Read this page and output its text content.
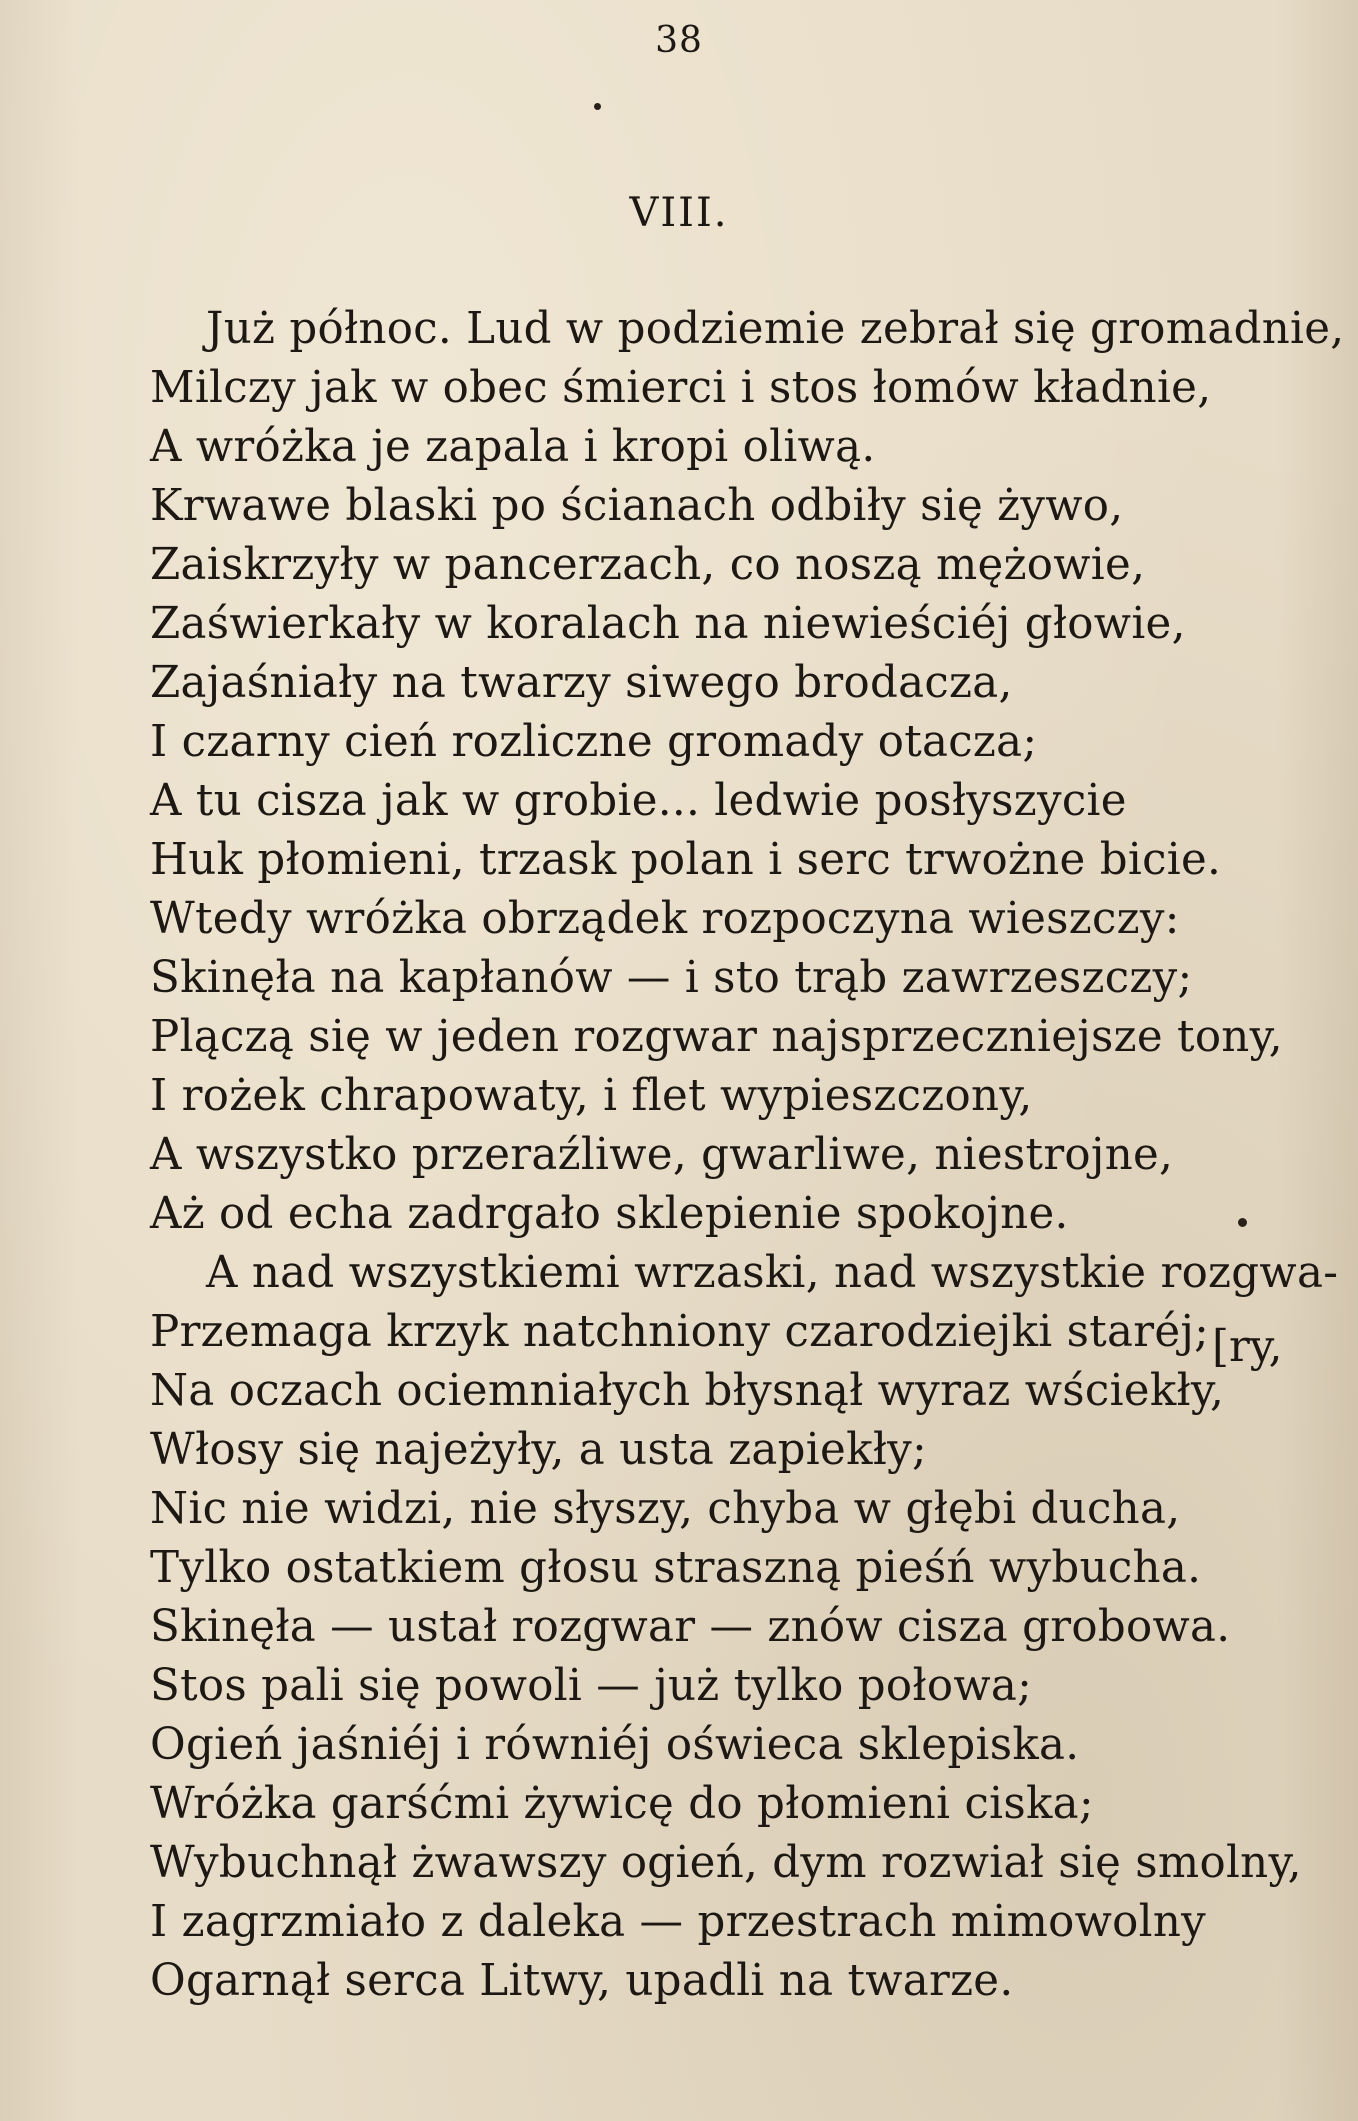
38
VIII.
Już północ. Lud w podziemie zebrał się gromadnie,
Milczy jak w obec śmierci i stos łomów kładnie,
A wróżka je zapala i kropi oliwą.
Krwawe blaski po ścianach odbiły się żywo,
Zaiskrzyły w pancerzach, co noszą mężowie,
Zaświerkały w koralach na niewieściéj głowie,
Zajaśniały na twarzy siwego brodacza,
I czarny cień rozliczne gromady otacza;
A tu cisza jak w grobie... ledwie posłyszycie
Huk płomieni, trzask polan i serc trwożne bicie.
Wtedy wróżka obrządek rozpoczyna wieszczy:
Skinęła na kapłanów — i sto trąb zawrzeszczy;
Plączą się w jeden rozgwar najsprzeczniejsze tony,
I rożek chrapowaty, i flet wypieszczony,
A wszystko przeraźliwe, gwarliwe, niestrojne,
Aż od echa zadrgało sklepienie spokojne.
A nad wszystkiemi wrzaski, nad wszystkie rozgwa-
Przemaga krzyk natchniony czarodziejki staréj;
Na oczach ociemniałych błysnął wyraz wściekły,
Włosy się najeżyły, a usta zapiekły;
Nic nie widzi, nie słyszy, chyba w głębi ducha,
Tylko ostatkiem głosu straszną pieśń wybucha.
Skinęła — ustał rozgwar — znów cisza grobowa.
Stos pali się powoli — już tylko połowa;
Ogień jaśniéj i równiéj oświeca sklepiska.
Wróżka garśćmi żywicę do płomieni ciska;
Wybuchnął żwawszy ogień, dym rozwiał się smolny,
I zagrzmiało z daleka — przestrach mimowolny
Ogarnął serca Litwy, upadli na twarze.
[ry,
